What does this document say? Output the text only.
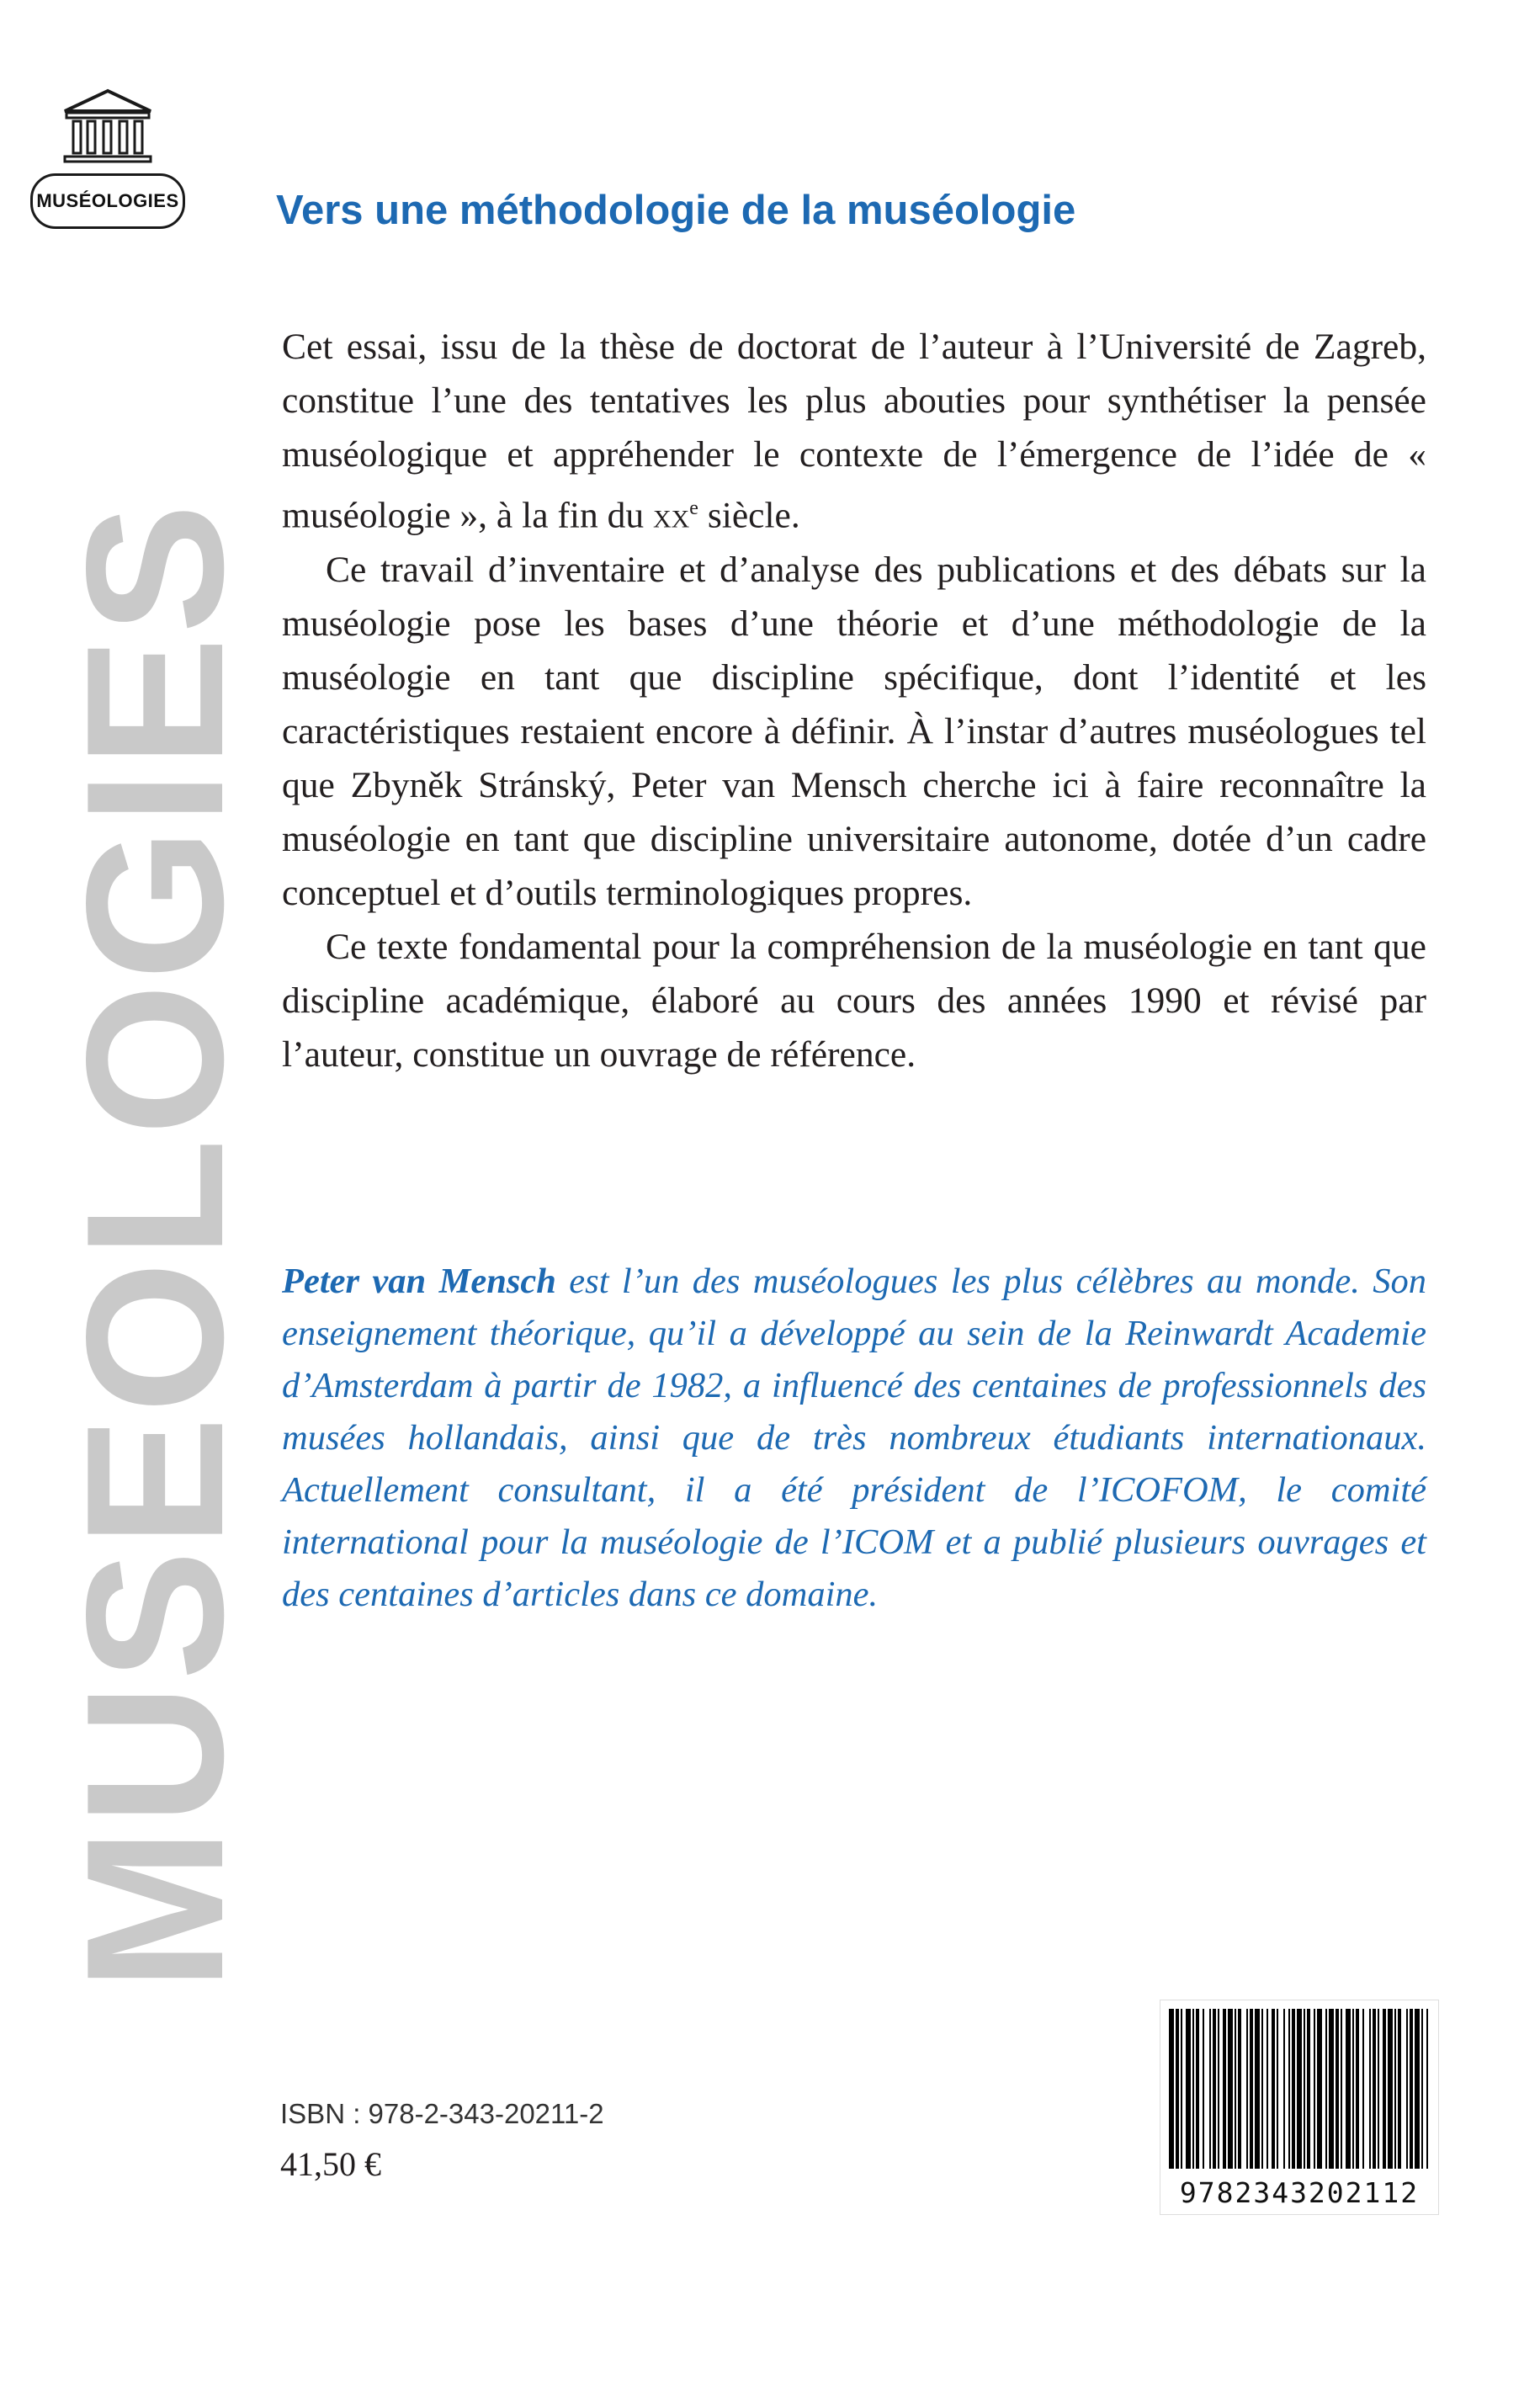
MUSÉOLOGIES
MUSEOLOGIES
Vers une méthodologie de la muséologie

Cet essai, issu de la thèse de doctorat de l’auteur à l’Université de Zagreb, constitue l’une des tentatives les plus abouties pour synthétiser la pensée muséologique et appréhender le contexte de l’émergence de l’idée de « muséologie », à la fin du $xx^e$ siècle.

Ce travail d’inventaire et d’analyse des publications et des débats sur la muséologie pose les bases d’une théorie et d’une méthodologie de la muséologie en tant que discipline spécifique, dont l’identité et les caractéristiques restaient encore à définir. À l’instar d’autres muséologues tel que Zbyněk Stránský, Peter van Mensch cherche ici à faire reconnaître la muséologie en tant que discipline universitaire autonome, dotée d’un cadre conceptuel et d’outils terminologiques propres.

Ce texte fondamental pour la compréhension de la muséologie en tant que discipline académique, élaboré au cours des années 1990 et révisé par l’auteur, constitue un ouvrage de référence.

Peter van Mensch est l’un des muséologues les plus célèbres au monde. Son enseignement théorique, qu’il a développé au sein de la Reinwardt Academie d’Amsterdam à partir de 1982, a influencé des centaines de professionnels des musées hollandais, ainsi que de très nombreux étudiants internationaux. Actuellement consultant, il a été président de l’ICOFOM, le comité international pour la muséologie de l’ICOM et a publié plusieurs ouvrages et des centaines d’articles dans ce domaine.

ISBN : 978-2-343-20211-2
41,50 €
9782343202112
